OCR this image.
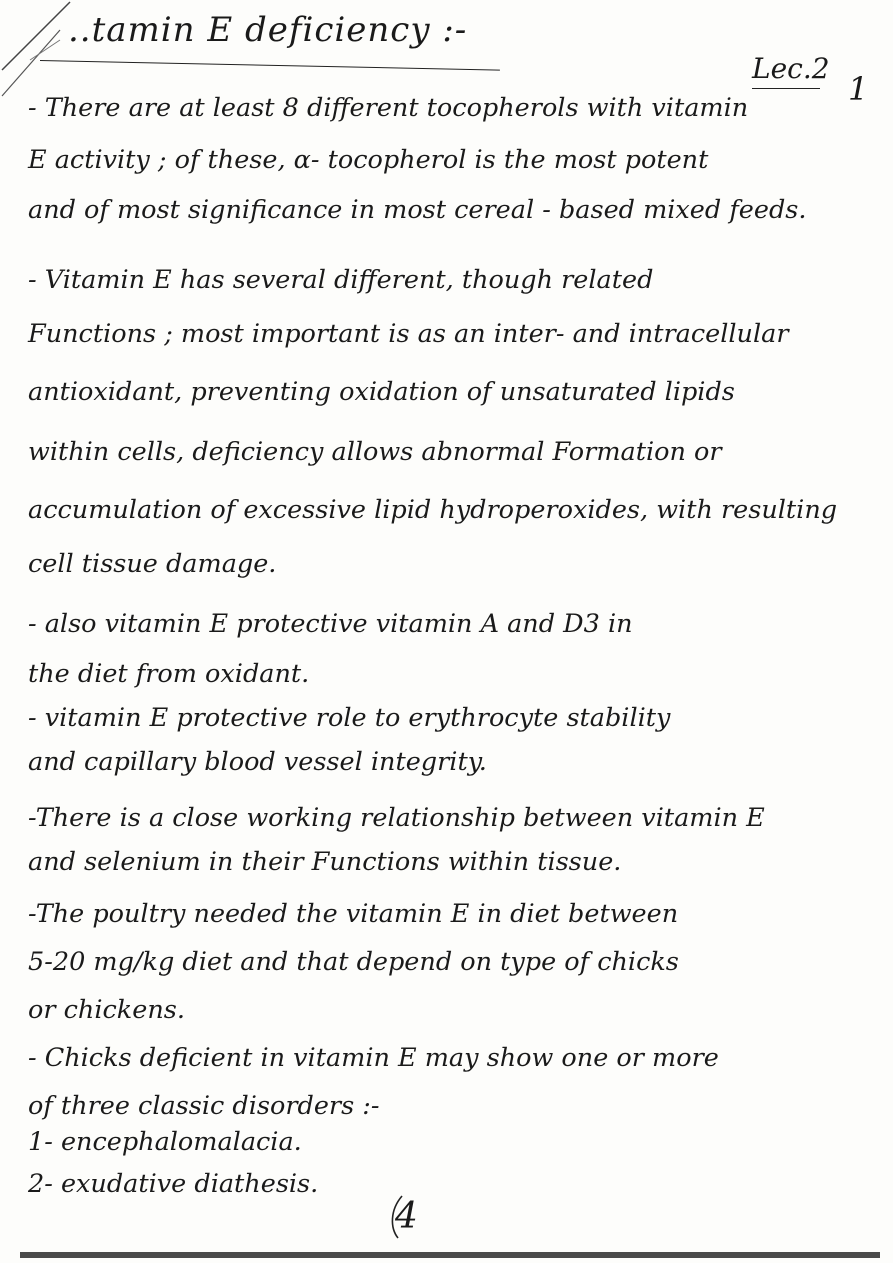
..tamin E deficiency :-
Lec.2
1
- There are at least 8 different tocopherols with vitamin
E activity ; of these, α- tocopherol is the most potent
and of most significance in most cereal - based mixed feeds.
- Vitamin E has several different, though related
Functions ; most important is as an inter- and intracellular
antioxidant, preventing oxidation of unsaturated lipids
within cells, deficiency allows abnormal Formation or
accumulation of excessive lipid hydroperoxides, with resulting
cell tissue damage.
- also vitamin E protective vitamin A and D3 in
the diet from oxidant.
- vitamin E protective role to erythrocyte stability
and capillary blood vessel integrity.
-There is a close working relationship between vitamin E
and selenium in their Functions within tissue.
-The poultry needed the vitamin E in diet between
5-20 mg/kg diet and that depend on type of chicks
or chickens.
- Chicks deficient in vitamin E may show one or more
of three classic disorders :-
1- encephalomalacia.
2- exudative diathesis.
4
